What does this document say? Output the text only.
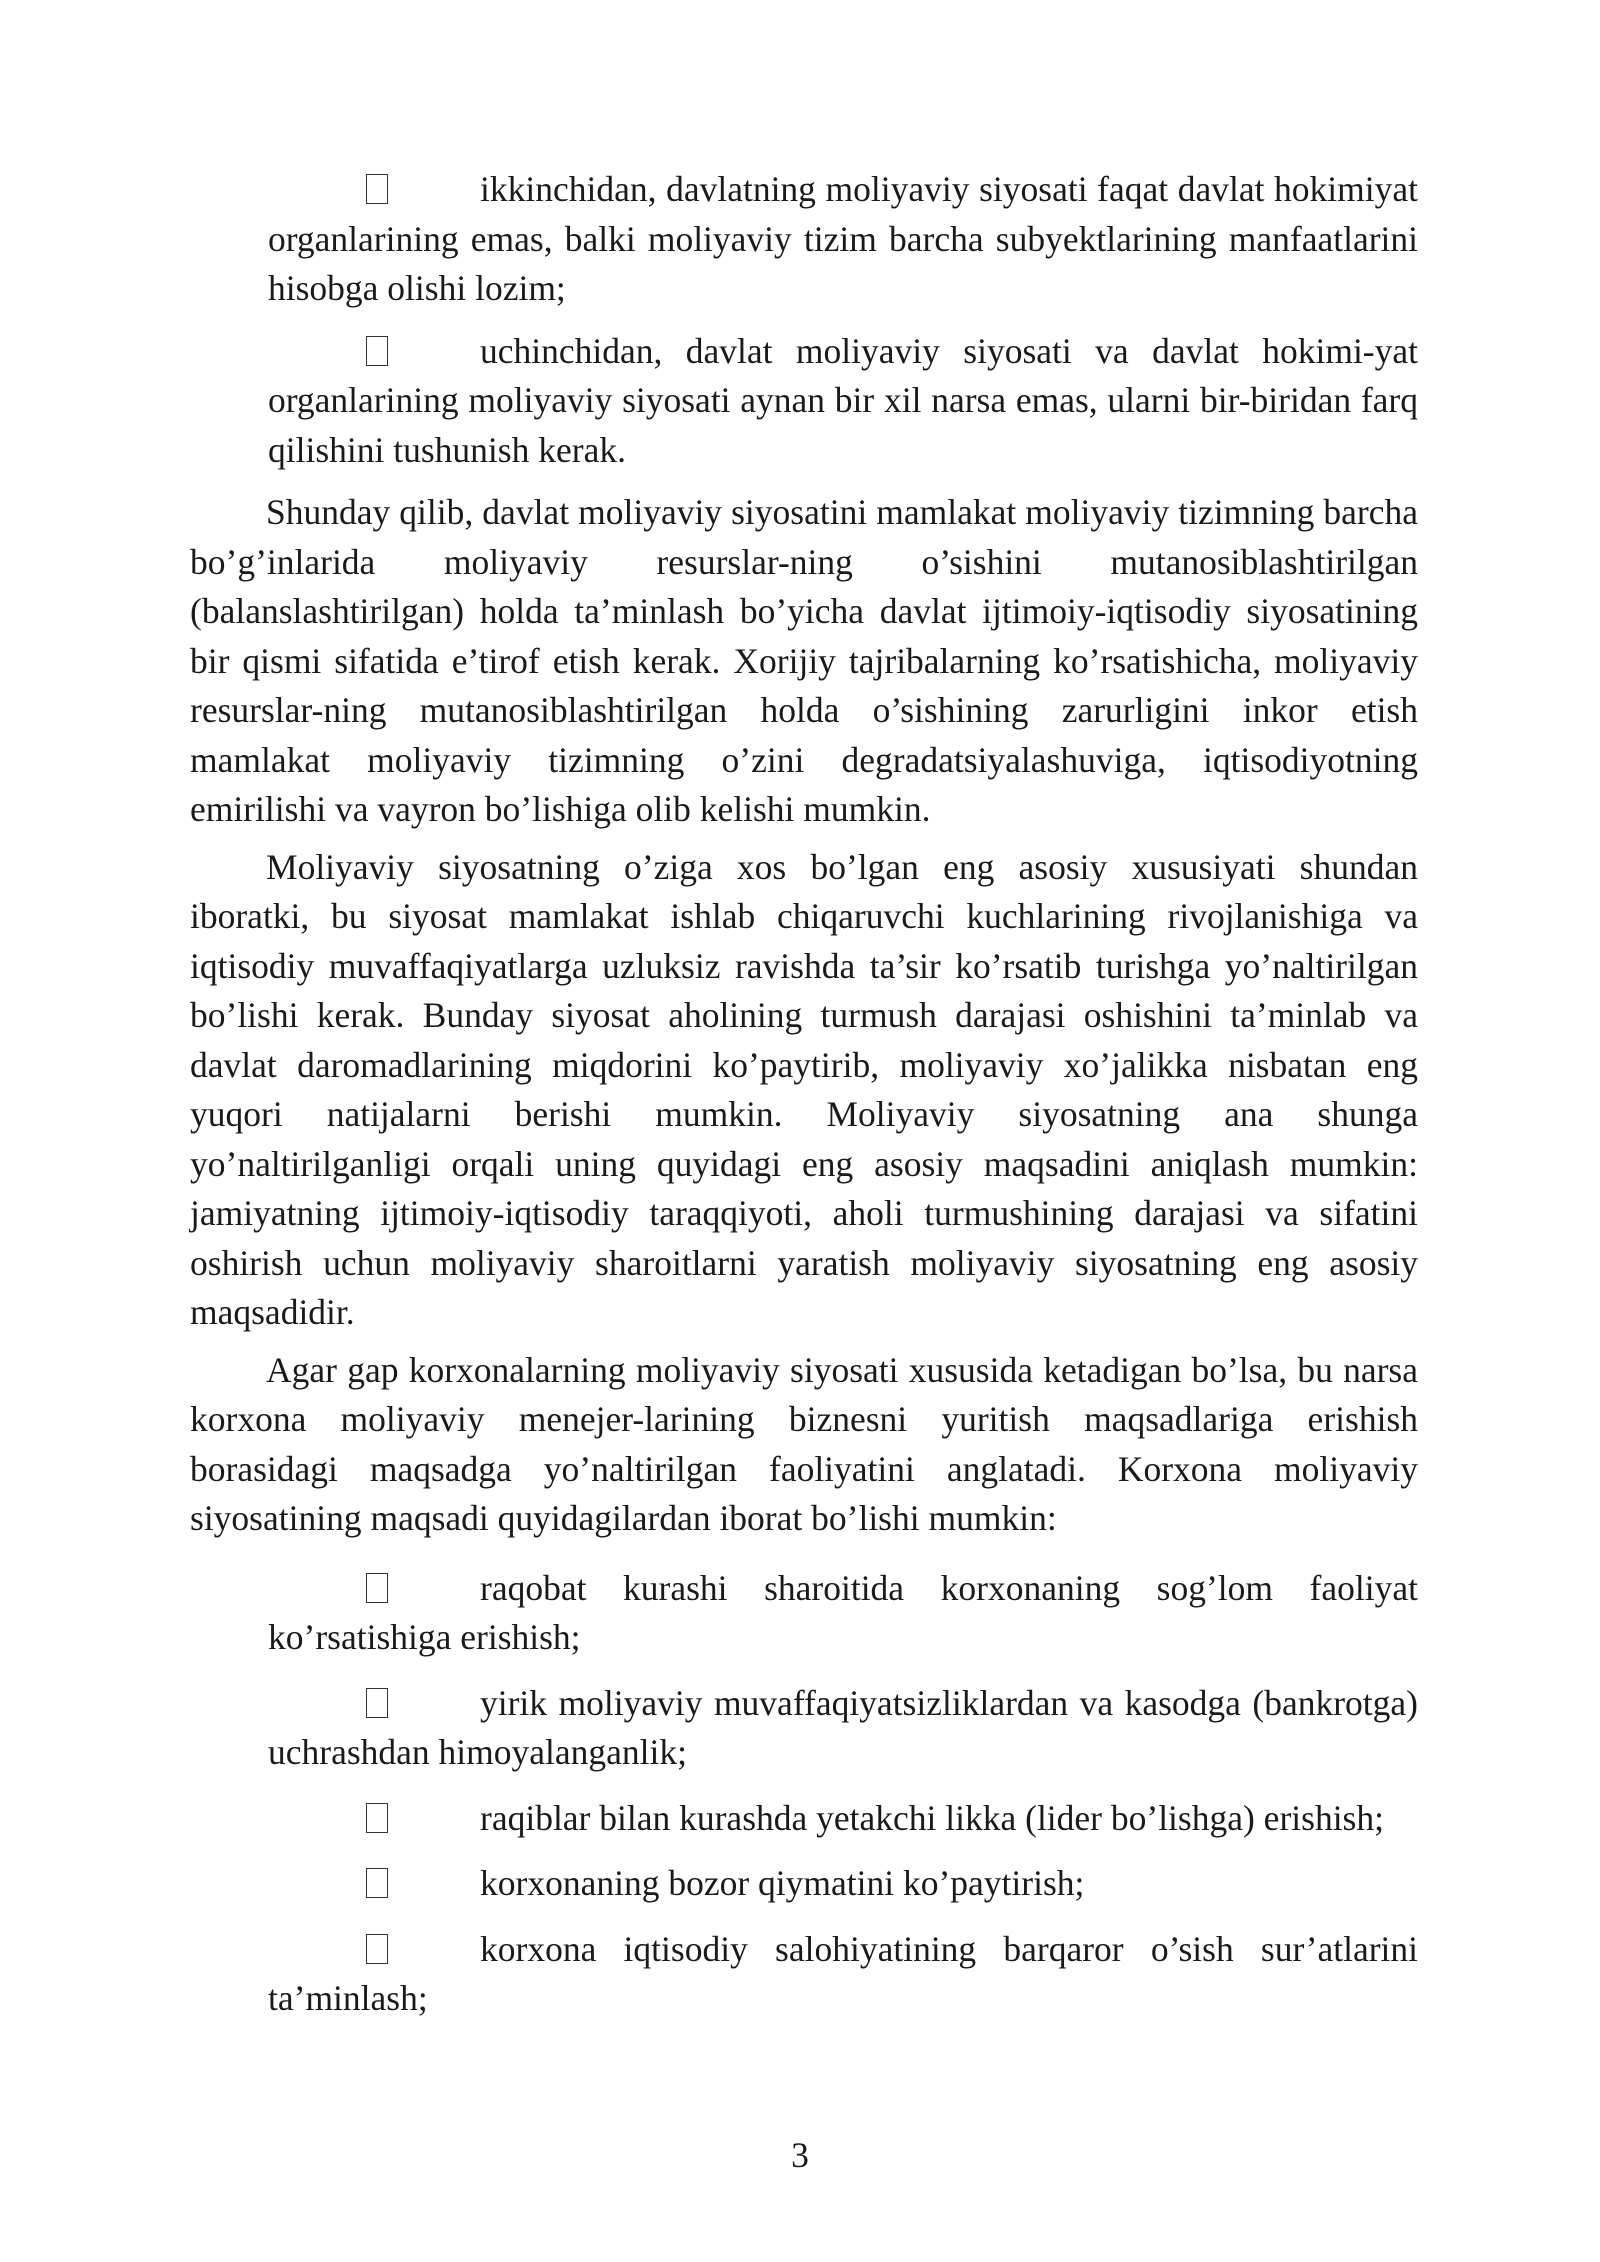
ikkinchidan, davlatning moliyaviy siyosati faqat davlat hokimiyat organlarining emas, balki moliyaviy tizim barcha subyektlarining manfaatlarini hisobga olishi lozim;
uchinchidan, davlat moliyaviy siyosati va davlat hokimi-yat organlarining moliyaviy siyosati aynan bir xil narsa emas, ularni bir-biridan farq qilishini tushunish kerak.

Shunday qilib, davlat moliyaviy siyosatini mamlakat moliyaviy tizimning barcha bo’g’inlarida moliyaviy resurslar-ning o’sishini mutanosiblashtirilgan (balanslashtirilgan) holda ta’minlash bo’yicha davlat ijtimoiy-iqtisodiy siyosatining bir qismi sifatida e’tirof etish kerak. Xorijiy tajribalarning ko’rsatishicha, moliyaviy resurslar-ning mutanosiblashtirilgan holda o’sishining zarurligini inkor etish mamlakat moliyaviy tizimning o’zini degradatsiyalashuviga, iqtisodiyotning emirilishi va vayron bo’lishiga olib kelishi mumkin.

Moliyaviy siyosatning o’ziga xos bo’lgan eng asosiy xususiyati shundan iboratki, bu siyosat mamlakat ishlab chiqaruvchi kuchlarining rivojlanishiga va iqtisodiy muvaffaqiyatlarga uzluksiz ravishda ta’sir ko’rsatib turishga yo’naltirilgan bo’lishi kerak. Bunday siyosat aholining turmush darajasi oshishini ta’minlab va davlat daromadlarining miqdorini ko’paytirib, moliyaviy xo’jalikka nisbatan eng yuqori natijalarni berishi mumkin. Moliyaviy siyosatning ana shunga yo’naltirilganligi orqali uning quyidagi eng asosiy maqsadini aniqlash mumkin: jamiyatning ijtimoiy-iqtisodiy taraqqiyoti, aholi turmushining darajasi va sifatini oshirish uchun moliyaviy sharoitlarni yaratish moliyaviy siyosatning eng asosiy maqsadidir.

Agar gap korxonalarning moliyaviy siyosati xususida ketadigan bo’lsa, bu narsa korxona moliyaviy menejer-larining biznesni yuritish maqsadlariga erishish borasidagi maqsadga yo’naltirilgan faoliyatini anglatadi. Korxona moliyaviy siyosatining maqsadi quyidagilardan iborat bo’lishi mumkin:

raqobat kurashi sharoitida korxonaning sog’lom faoliyat ko’rsatishiga erishish;
yirik moliyaviy muvaffaqiyatsizliklardan va kasodga (bankrotga) uchrashdan himoyalanganlik;
raqiblar bilan kurashda yetakchi likka (lider bo’lishga) erishish;
korxonaning bozor qiymatini ko’paytirish;
korxona iqtisodiy salohiyatining barqaror o’sish sur’atlarini ta’minlash;
3
